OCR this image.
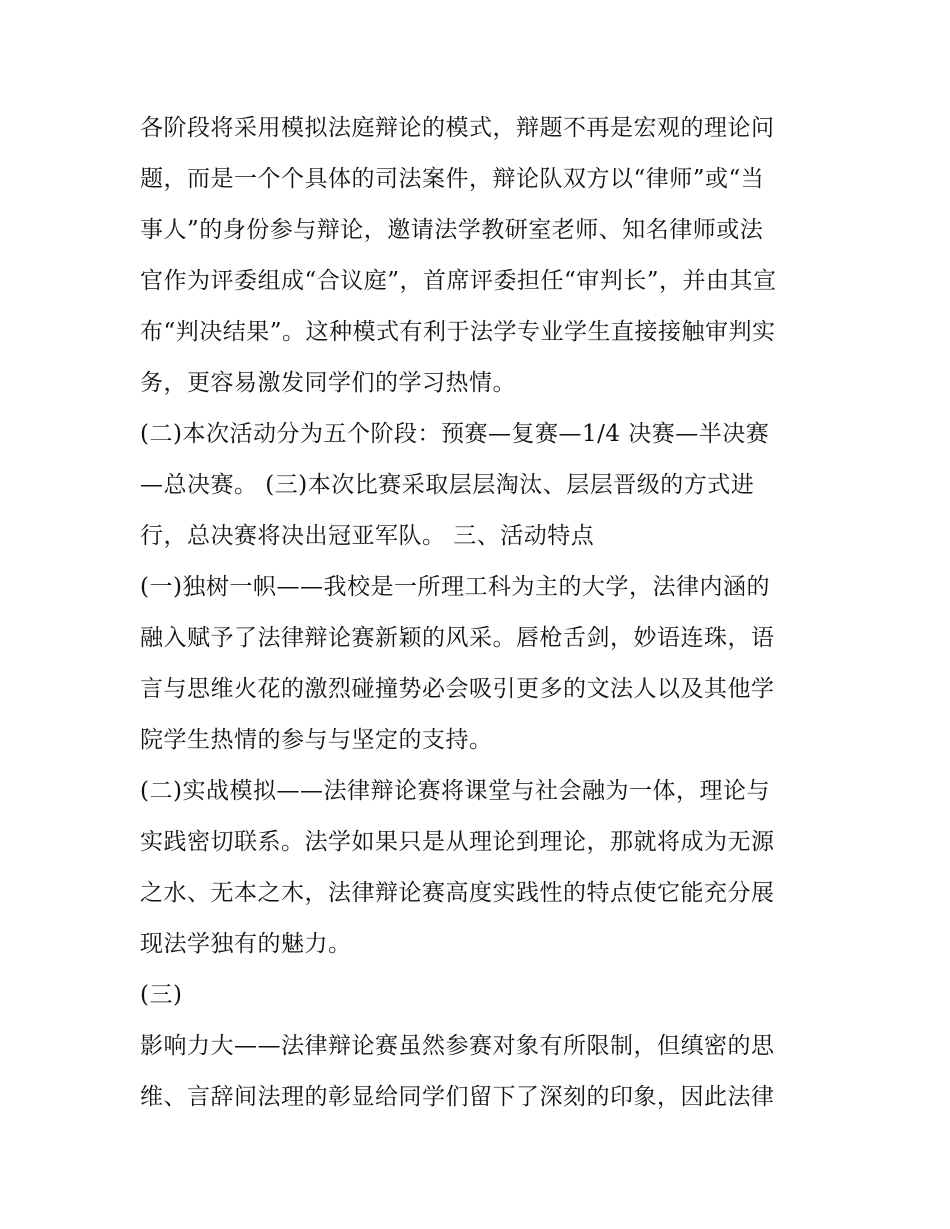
各阶段将采用模拟法庭辩论的模式，辩题不再是宏观的理论问
题，而是一个个具体的司法案件，辩论队双方以“律师”或“当
事人”的身份参与辩论，邀请法学教研室老师、知名律师或法
官作为评委组成“合议庭”，首席评委担任“审判长”，并由其宣
布“判决结果”。这种模式有利于法学专业学生直接接触审判实
务，更容易激发同学们的学习热情。
(二)本次活动分为五个阶段：预赛—复赛—1/4 决赛—半决赛
—总决赛。 (三)本次比赛采取层层淘汰、层层晋级的方式进
行，总决赛将决出冠亚军队。 三、活动特点
(一)独树一帜——我校是一所理工科为主的大学，法律内涵的
融入赋予了法律辩论赛新颖的风采。唇枪舌剑，妙语连珠，语
言与思维火花的激烈碰撞势必会吸引更多的文法人以及其他学
院学生热情的参与与坚定的支持。
(二)实战模拟——法律辩论赛将课堂与社会融为一体，理论与
实践密切联系。法学如果只是从理论到理论，那就将成为无源
之水、无本之木，法律辩论赛高度实践性的特点使它能充分展
现法学独有的魅力。
(三)
影响力大——法律辩论赛虽然参赛对象有所限制，但缜密的思
维、言辞间法理的彰显给同学们留下了深刻的印象，因此法律
